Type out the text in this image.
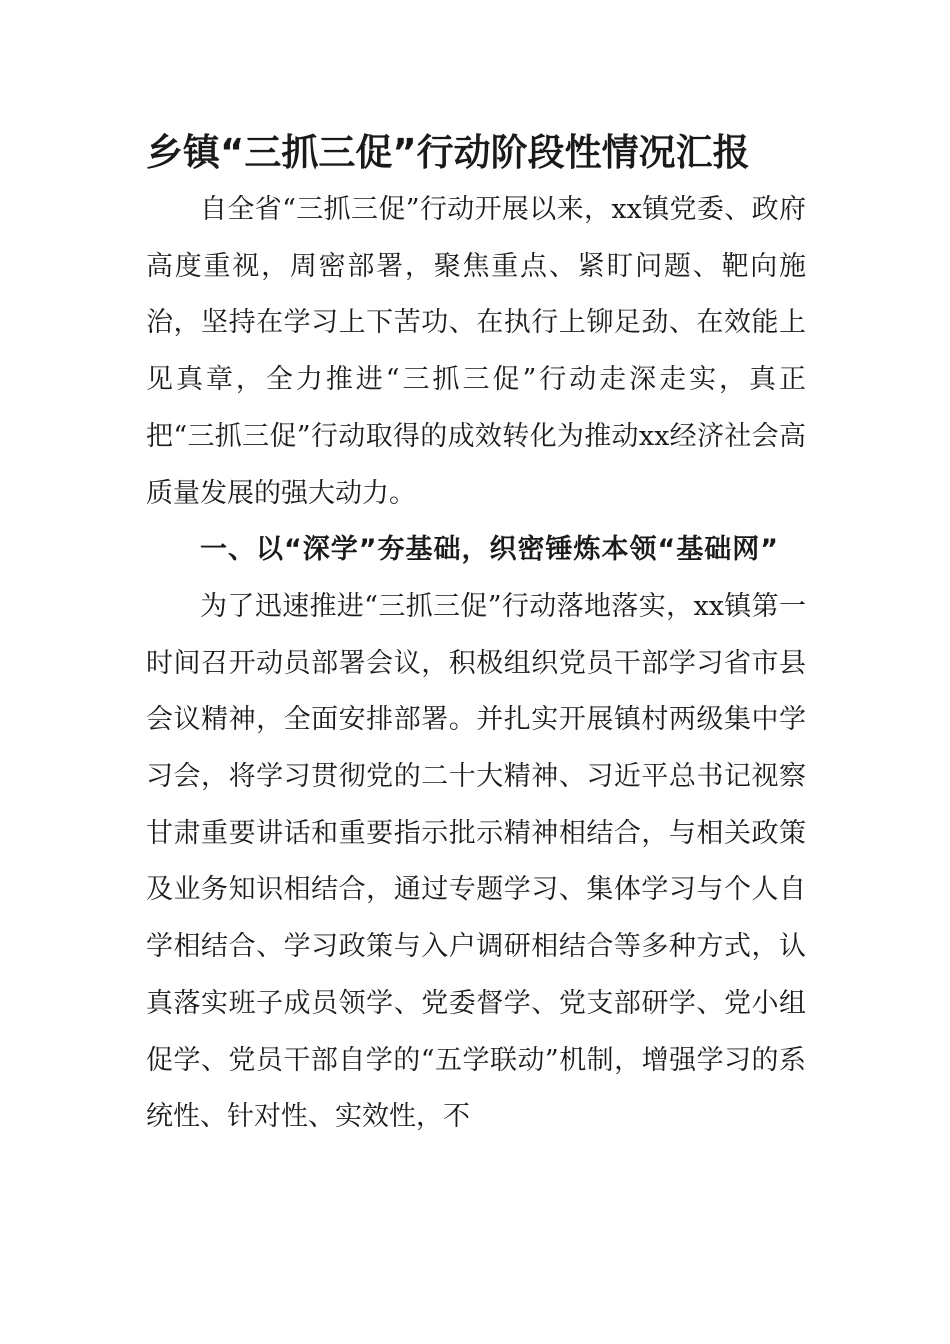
乡镇“三抓三促”行动阶段性情况汇报

自全省“三抓三促”行动开展以来，xx镇党委、政府高度重视，周密部署，聚焦重点、紧盯问题、靶向施治，坚持在学习上下苦功、在执行上铆足劲、在效能上见真章，全力推进“三抓三促”行动走深走实，真正把“三抓三促”行动取得的成效转化为推动xx经济社会高质量发展的强大动力。

一、以“深学”夯基础，织密锤炼本领“基础网”

为了迅速推进“三抓三促”行动落地落实，xx镇第一时间召开动员部署会议，积极组织党员干部学习省市县会议精神，全面安排部署。并扎实开展镇村两级集中学习会，将学习贯彻党的二十大精神、习近平总书记视察甘肃重要讲话和重要指示批示精神相结合，与相关政策及业务知识相结合，通过专题学习、集体学习与个人自学相结合、学习政策与入户调研相结合等多种方式，认真落实班子成员领学、党委督学、党支部研学、党小组促学、党员干部自学的“五学联动”机制，增强学习的系统性、针对性、实效性，不
